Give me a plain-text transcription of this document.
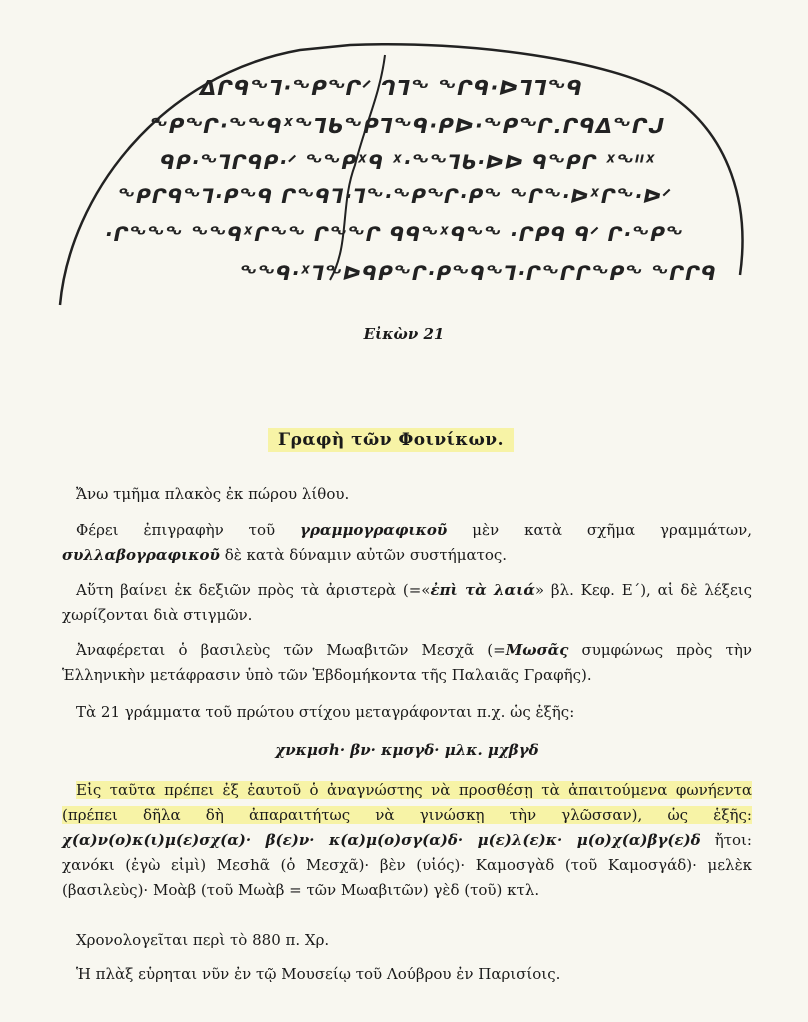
ᐃᒋᑫᖕᒣ·ᖕᑭᖏᐟ ᒉᒣᖕ ᖕᒋᑫ·ᐅᒣᒣᖕᑫ
ᖕᑭᖏ·ᖕᖕᑫᕽᖕᒣᑲᖕᑭᒣᖕᑫ·ᑭᐅ·ᖕᑭᖏ.ᒋᑫᐃᖕᒋᒍ
ᑫᑭ·ᖕᒣᒋᑫᑭ·ᐟ ᖕᖕᑭᕽᑫ ᕽ·ᖕᖕᒣᑲ·ᐅᐅ ᑫᖕᑭᒋ ᕽᖕᐦᕽ
ᖕᑭᒋᑫᖕᒣ·ᑭᖕᑫ ᒋᖕᑫᒣ·ᒣᖕ·ᖕᑭᖏ·ᑭᖕ ᖕᒋᖕ·ᐅᕽᒋᖕ·ᐅᐟ
·ᒋᖕᖕᖕ ᖕᖕᑫᕽᒋᖕᖕ ᒋᖕᖕᒋ ᑫᑫᖕᕽᑫᖕᖕ ·ᒋᑭᑫ ᑫᐟ ᒋ·ᖕᑭᖕ
ᖕᖕᑫ·ᕽᒣᖕᐅᑫᑭᖕᒋ·ᑭᖕᑫᖕᒣ·ᒋᖕᒋᒋᖕᑭᖕ ᖕᒋᒋᑫ
Εἰκὼν 21
Γραφὴ τῶν Φοινίκων.
Ἄνω τμῆμα πλακὸς ἐκ πώρου λίθου.
Φέρει ἐπιγραφὴν τοῦ γραμμογραφικοῦ μὲν κατὰ σχῆμα γραμμάτων, συλλαβογραφικοῦ δὲ κατὰ δύναμιν αὐτῶν συστήματος.
Αὕτη βαίνει ἐκ δεξιῶν πρὸς τὰ ἀριστερὰ (=«ἐπὶ τὰ λαιά» βλ. Κεφ. Ε΄), αἱ δὲ λέξεις χωρίζονται διὰ στιγμῶν.
Ἀναφέρεται ὁ βασιλεὺς τῶν Μωαβιτῶν Μεσχᾶ (=Μωσᾶς συμφώνως πρὸς τὴν Ἑλληνικὴν μετάφρασιν ὑπὸ τῶν Ἑβδομήκοντα τῆς Παλαιᾶς Γραφῆς).
Τὰ 21 γράμματα τοῦ πρώτου στίχου μεταγράφονται π.χ. ὡς ἑξῆς:
χνκμσh· βν· κμσγδ· μλκ. μχβγδ
Εἰς ταῦτα πρέπει ἐξ ἑαυτοῦ ὁ ἀναγνώστης νὰ προσθέσῃ τὰ ἀπαιτούμενα φωνήεντα (πρέπει δῆλα δὴ ἀπαραιτήτως νὰ γινώσκῃ τὴν γλῶσσαν), ὡς ἑξῆς: χ(α)ν(ο)κ(ι)μ(ε)σχ(α)· β(ε)ν· κ(α)μ(ο)σγ(α)δ· μ(ε)λ(ε)κ· μ(ο)χ(α)βγ(ε)δ ἤτοι: χανόκι (ἐγὼ εἰμὶ) Μεσhᾶ (ὁ Μεσχᾶ)· βὲν (υἱός)· Καμοσγὰδ (τοῦ Καμοσγάδ)· μελὲκ (βασιλεὺς)· Μοὰβ (τοῦ Μωὰβ = τῶν Μωαβιτῶν) γὲδ (τοῦ) κτλ.
Χρονολογεῖται περὶ τὸ 880 π. Χρ.
Ἡ πλὰξ εὑρηται νῦν ἐν τῷ Μουσείῳ τοῦ Λούβρου ἐν Παρισίοις.
